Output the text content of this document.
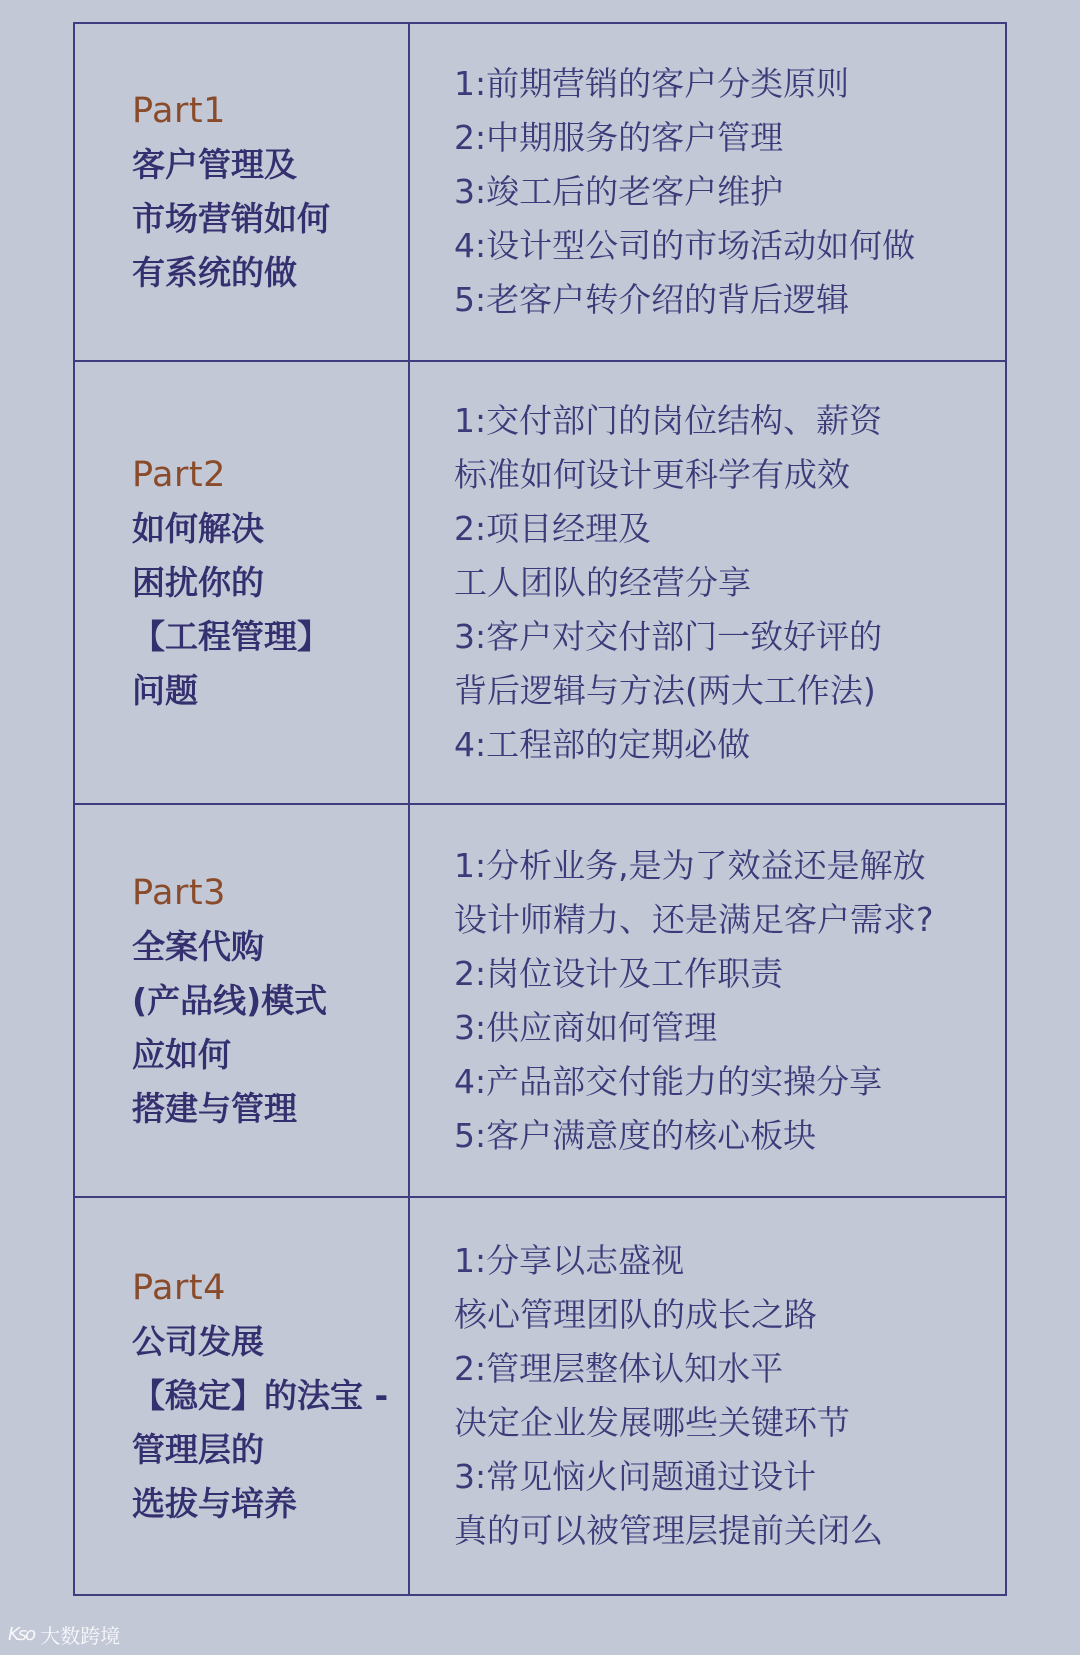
Part1
客户管理及
市场营销如何
有系统的做
1:前期营销的客户分类原则
2:中期服务的客户管理
3:竣工后的老客户维护
4:设计型公司的市场活动如何做
5:老客户转介绍的背后逻辑
Part2
如何解决
困扰你的
【工程管理】
问题
1:交付部门的岗位结构、薪资
标准如何设计更科学有成效
2:项目经理及
工人团队的经营分享
3:客户对交付部门一致好评的
背后逻辑与方法(两大工作法)
4:工程部的定期必做
Part3
全案代购
(产品线)模式
应如何
搭建与管理
1:分析业务,是为了效益还是解放
设计师精力、还是满足客户需求?
2:岗位设计及工作职责
3:供应商如何管理
4:产品部交付能力的实操分享
5:客户满意度的核心板块
Part4
公司发展
【稳定】的法宝 -
管理层的
选拔与培养
1:分享以志盛视
核心管理团队的成长之路
2:管理层整体认知水平
决定企业发展哪些关键环节
3:常见恼火问题通过设计
真的可以被管理层提前关闭么
Kso 大数跨境
